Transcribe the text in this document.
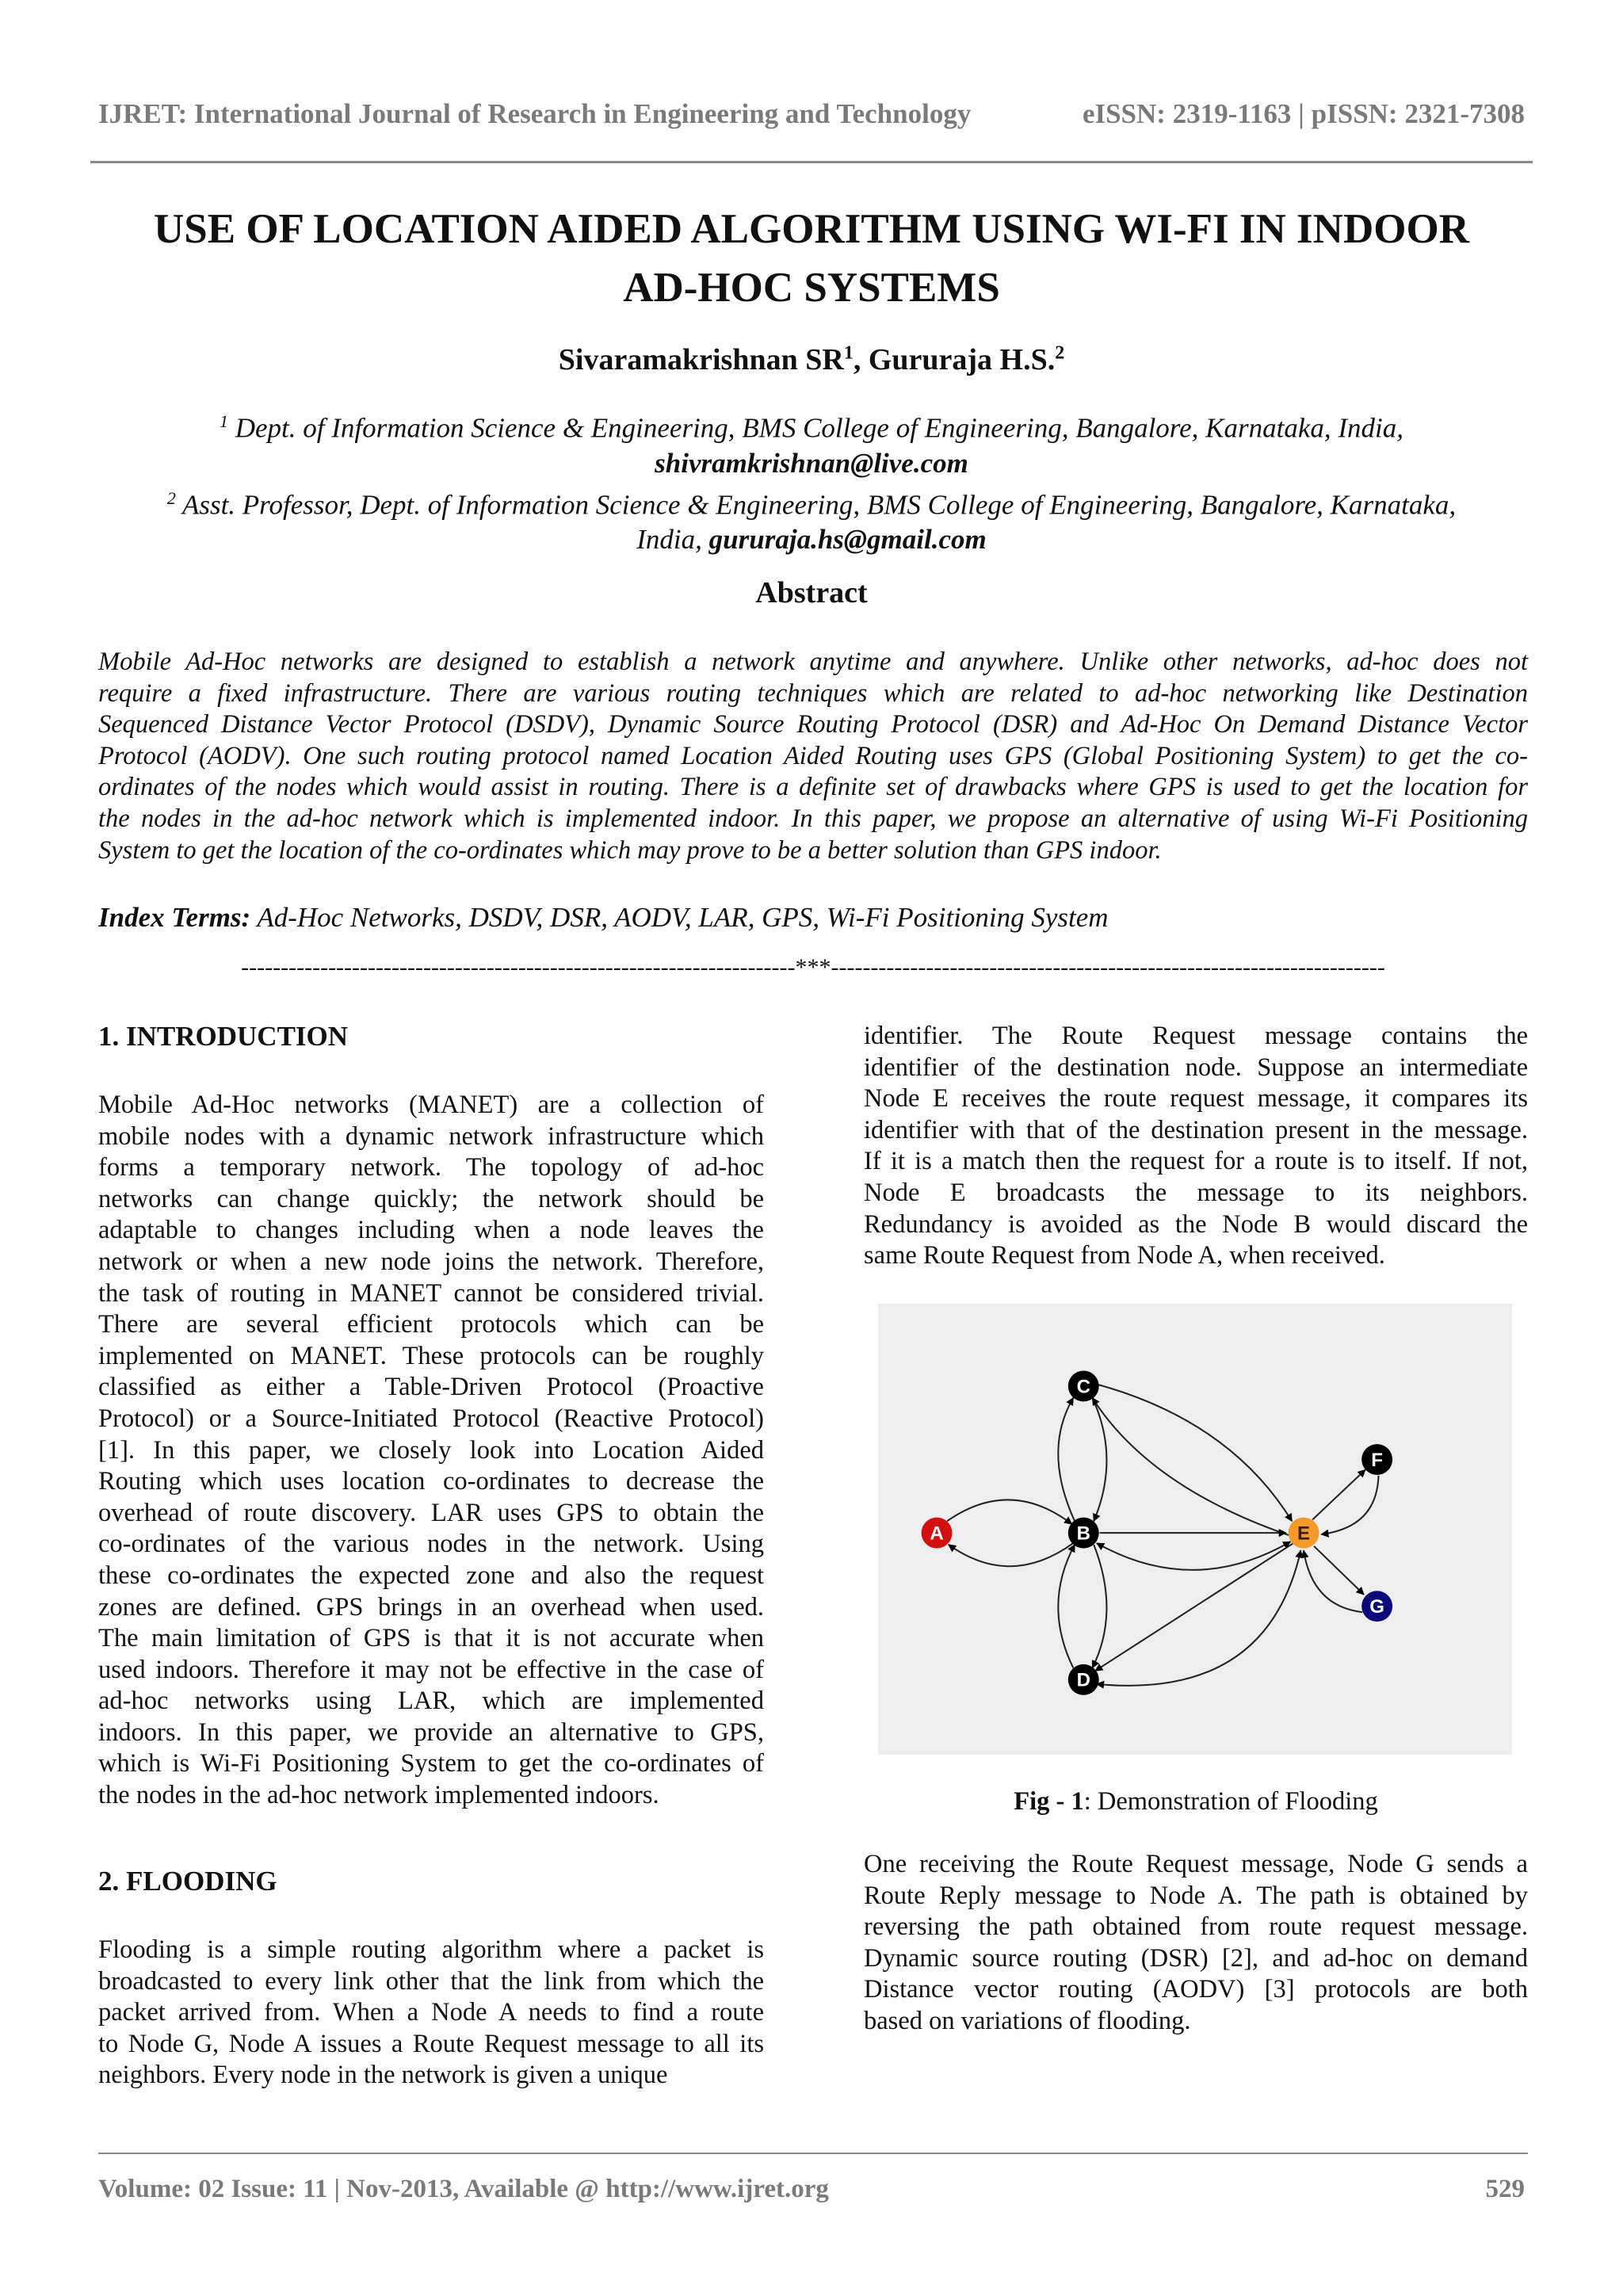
IJRET: International Journal of Research in Engineering and Technology	eISSN: 2319-1163 | pISSN: 2321-7308
USE OF LOCATION AIDED ALGORITHM USING WI-FI IN INDOOR
AD-HOC SYSTEMS
Sivaramakrishnan $SR^1$, Gururaja H.S.$^2$
$^1$ Dept. of Information Science & Engineering, BMS College of Engineering, Bangalore, Karnataka, India,
shivramkrishnan@live.com
$^2$ Asst. Professor, Dept. of Information Science & Engineering, BMS College of Engineering, Bangalore, Karnataka,
India, gururaja.hs@gmail.com
Abstract
Mobile Ad-Hoc networks are designed to establish a network anytime and anywhere. Unlike other networks, ad-hoc does not
require a fixed infrastructure. There are various routing techniques which are related to ad-hoc networking like Destination
Sequenced Distance Vector Protocol (DSDV), Dynamic Source Routing Protocol (DSR) and Ad-Hoc On Demand Distance Vector
Protocol (AODV). One such routing protocol named Location Aided Routing uses GPS (Global Positioning System) to get the co-
ordinates of the nodes which would assist in routing. There is a definite set of drawbacks where GPS is used to get the location for
the nodes in the ad-hoc network which is implemented indoor. In this paper, we propose an alternative of using Wi-Fi Positioning
System to get the location of the co-ordinates which may prove to be a better solution than GPS indoor.
Index Terms: Ad-Hoc Networks, DSDV, DSR, AODV, LAR, GPS, Wi-Fi Positioning System
----------------------------------------------------------------------***----------------------------------------------------------------------
1. INTRODUCTION
Mobile Ad-Hoc networks (MANET) are a collection of
mobile nodes with a dynamic network infrastructure which
forms a temporary network. The topology of ad-hoc
networks can change quickly; the network should be
adaptable to changes including when a node leaves the
network or when a new node joins the network. Therefore,
the task of routing in MANET cannot be considered trivial.
There are several efficient protocols which can be
implemented on MANET. These protocols can be roughly
classified as either a Table-Driven Protocol (Proactive
Protocol) or a Source-Initiated Protocol (Reactive Protocol)
[1]. In this paper, we closely look into Location Aided
Routing which uses location co-ordinates to decrease the
overhead of route discovery. LAR uses GPS to obtain the
co-ordinates of the various nodes in the network. Using
these co-ordinates the expected zone and also the request
zones are defined. GPS brings in an overhead when used.
The main limitation of GPS is that it is not accurate when
used indoors. Therefore it may not be effective in the case of
ad-hoc networks using LAR, which are implemented
indoors. In this paper, we provide an alternative to GPS,
which is Wi-Fi Positioning System to get the co-ordinates of
the nodes in the ad-hoc network implemented indoors.
2. FLOODING
Flooding is a simple routing algorithm where a packet is
broadcasted to every link other that the link from which the
packet arrived from. When a Node A needs to find a route
to Node G, Node A issues a Route Request message to all its
neighbors. Every node in the network is given a unique
identifier. The Route Request message contains the
identifier of the destination node. Suppose an intermediate
Node E receives the route request message, it compares its
identifier with that of the destination present in the message.
If it is a match then the request for a route is to itself. If not,
Node E broadcasts the message to its neighbors.
Redundancy is avoided as the Node B would discard the
same Route Request from Node A, when received.
A	B
C
D
E
F
G
Fig - 1: Demonstration of Flooding
One receiving the Route Request message, Node G sends a
Route Reply message to Node A. The path is obtained by
reversing the path obtained from route request message.
Dynamic source routing (DSR) [2], and ad-hoc on demand
Distance vector routing (AODV) [3] protocols are both
based on variations of flooding.
Volume: 02 Issue: 11 | Nov-2013, Available @ http://www.ijret.org	529
